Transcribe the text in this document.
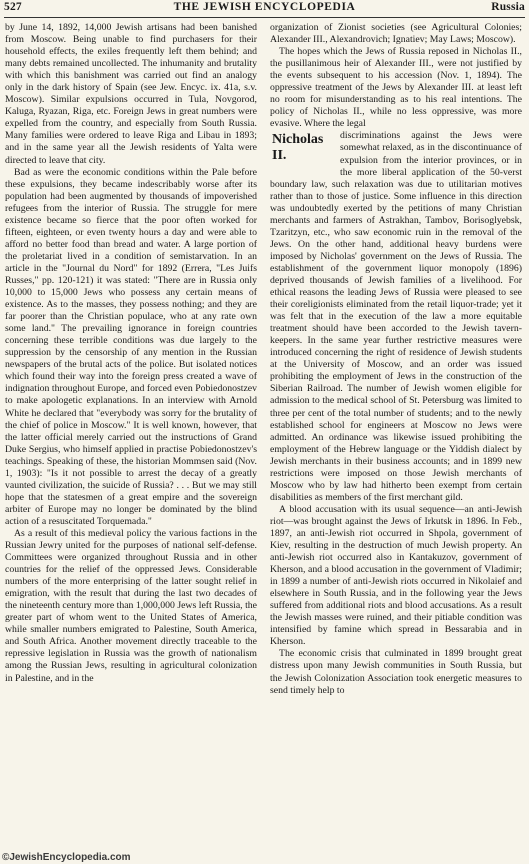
527	THE JEWISH ENCYCLOPEDIA	Russia

by June 14, 1892, 14,000 Jewish artisans had been banished from Moscow. Being unable to find purchasers for their household effects, the exiles frequently left them behind; and many debts remained uncollected. The inhumanity and brutality with which this banishment was carried out find an analogy only in the dark history of Spain (see Jew. Encyc. ix. 41a, s.v. Moscow). Similar expulsions occurred in Tula, Novgorod, Kaluga, Ryazan, Riga, etc. Foreign Jews in great numbers were expelled from the country, and especially from South Russia. Many families were ordered to leave Riga and Libau in 1893; and in the same year all the Jewish residents of Yalta were directed to leave that city.

Bad as were the economic conditions within the Pale before these expulsions, they became indescribably worse after its population had been augmented by thousands of impoverished refugees from the interior of Russia. The struggle for mere existence became so fierce that the poor often worked for fifteen, eighteen, or even twenty hours a day and were able to afford no better food than bread and water. A large portion of the proletariat lived in a condition of semistarvation. In an article in the "Journal du Nord" for 1892 (Errera, "Les Juifs Russes," pp. 120-121) it was stated: "There are in Russia only 10,000 to 15,000 Jews who possess any certain means of existence. As to the masses, they possess nothing; and they are far poorer than the Christian populace, who at any rate own some land." The prevailing ignorance in foreign countries concerning these terrible conditions was due largely to the suppression by the censorship of any mention in the Russian newspapers of the brutal acts of the police. But isolated notices which found their way into the foreign press created a wave of indignation throughout Europe, and forced even Pobiedonostzev to make apologetic explanations. In an interview with Arnold White he declared that "everybody was sorry for the brutality of the chief of police in Moscow." It is well known, however, that the latter official merely carried out the instructions of Grand Duke Sergius, who himself applied in practise Pobiedonostzev's teachings. Speaking of these, the historian Mommsen said (Nov. 1, 1903): "Is it not possible to arrest the decay of a greatly vaunted civilization, the suicide of Russia? . . . But we may still hope that the statesmen of a great empire and the sovereign arbiter of Europe may no longer be dominated by the blind action of a resuscitated Torquemada."

As a result of this medieval policy the various factions in the Russian Jewry united for the purposes of national self-defense. Committees were organized throughout Russia and in other countries for the relief of the oppressed Jews. Considerable numbers of the more enterprising of the latter sought relief in emigration, with the result that during the last two decades of the nineteenth century more than 1,000,000 Jews left Russia, the greater part of whom went to the United States of America, while smaller numbers emigrated to Palestine, South America, and South Africa. Another movement directly traceable to the repressive legislation in Russia was the growth of nationalism among the Russian Jews, resulting in agricultural colonization in Palestine, and in the

organization of Zionist societies (see Agricultural Colonies; Alexander III., Alexandrovich; Ignatiev; May Laws; Moscow).

The hopes which the Jews of Russia reposed in Nicholas II., the pusillanimous heir of Alexander III., were not justified by the events subsequent to his accession (Nov. 1, 1894). The oppressive treatment of the Jews by Alexander III. at least left no room for misunderstanding as to his real intentions. The policy of Nicholas II., while no less oppressive, was more evasive. Where the legal

Nicholas II.
discriminations against the Jews were somewhat relaxed, as in the discontinuance of expulsion from the interior provinces, or in the more liberal application of the 50-verst boundary law, such relaxation was due to utilitarian motives rather than to those of justice. Some influence in this direction was undoubtedly exerted by the petitions of many Christian merchants and farmers of Astrakhan, Tambov, Borisoglyebsk, Tzaritzyn, etc., who saw economic ruin in the removal of the Jews. On the other hand, additional heavy burdens were imposed by Nicholas' government on the Jews of Russia. The establishment of the government liquor monopoly (1896) deprived thousands of Jewish families of a livelihood. For ethical reasons the leading Jews of Russia were pleased to see their coreligionists eliminated from the retail liquor-trade; yet it was felt that in the execution of the law a more equitable treatment should have been accorded to the Jewish tavern-keepers. In the same year further restrictive measures were introduced concerning the right of residence of Jewish students at the University of Moscow, and an order was issued prohibiting the employment of Jews in the construction of the Siberian Railroad. The number of Jewish women eligible for admission to the medical school of St. Petersburg was limited to three per cent of the total number of students; and to the newly established school for engineers at Moscow no Jews were admitted. An ordinance was likewise issued prohibiting the employment of the Hebrew language or the Yiddish dialect by Jewish merchants in their business accounts; and in 1899 new restrictions were imposed on those Jewish merchants of Moscow who by law had hitherto been exempt from certain disabilities as members of the first merchant gild.

A blood accusation with its usual sequence—an anti-Jewish riot—was brought against the Jews of Irkutsk in 1896. In Feb., 1897, an anti-Jewish riot occurred in Shpola, government of Kiev, resulting in the destruction of much Jewish property. An anti-Jewish riot occurred also in Kantakuzov, government of Kherson, and a blood accusation in the government of Vladimir; in 1899 a number of anti-Jewish riots occurred in Nikolaief and elsewhere in South Russia, and in the following year the Jews suffered from additional riots and blood accusations. As a result the Jewish masses were ruined, and their pitiable condition was intensified by famine which spread in Bessarabia and in Kherson.

The economic crisis that culminated in 1899 brought great distress upon many Jewish communities in South Russia, but the Jewish Colonization Association took energetic measures to send timely help to

©JewishEncyclopedia.com
